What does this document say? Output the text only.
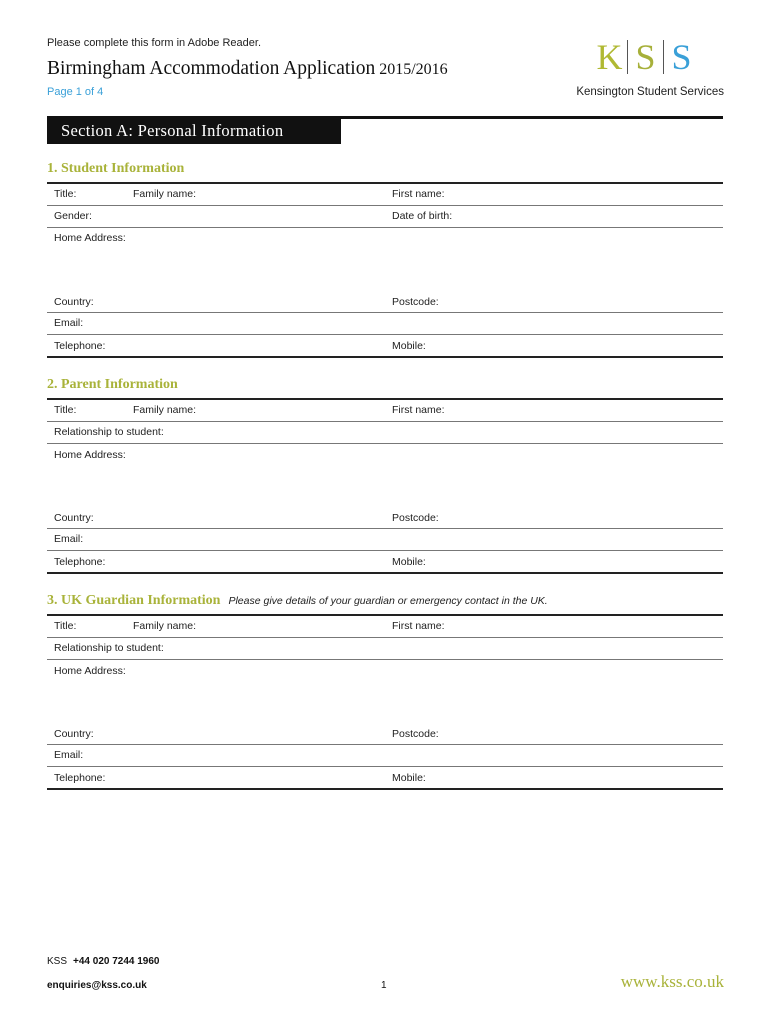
Please complete this form in Adobe Reader.
Birmingham Accommodation Application 2015/2016
Page 1 of 4
K S S
Kensington Student Services
Section A: Personal Information
1. Student Information
Title:	Family name:	First name:
Gender:	Date of birth:
Home Address:
Country:	Postcode:
Email:
Telephone:	Mobile:
2. Parent Information
Title:	Family name:	First name:
Relationship to student:
Home Address:
Country:	Postcode:
Email:
Telephone:	Mobile:
3. UK Guardian Information Please give details of your guardian or emergency contact in the UK.
Title:	Family name:	First name:
Relationship to student:
Home Address:
Country:	Postcode:
Email:
Telephone:	Mobile:
KSS +44 020 7244 1960
enquiries@kss.co.uk	1	www.kss.co.uk
